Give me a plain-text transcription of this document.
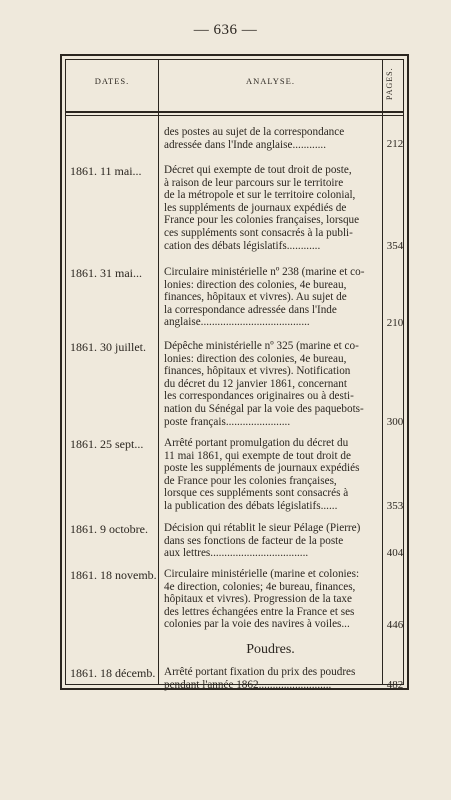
— 636 —
DATES.	ANALYSE.	PAGES.
des postes au sujet de la correspondance
adressée dans l'Inde anglaise............	212
1861. 11 mai...	Décret qui exempte de tout droit de poste,
à raison de leur parcours sur le territoire
de la métropole et sur le territoire colonial,
les suppléments de journaux expédiés de
France pour les colonies françaises, lorsque
ces suppléments sont consacrés à la publi-
cation des débats législatifs............	354
1861. 31 mai...	Circulaire ministérielle nº 238 (marine et co-
lonies: direction des colonies, 4e bureau,
finances, hôpitaux et vivres). Au sujet de
la correspondance adressée dans l'Inde
anglaise.......................................	210
1861. 30 juillet.	Dépêche ministérielle nº 325 (marine et co-
lonies: direction des colonies, 4e bureau,
finances, hôpitaux et vivres). Notification
du décret du 12 janvier 1861, concernant
les correspondances originaires ou à desti-
nation du Sénégal par la voie des paquebots-
poste français.......................	300
1861. 25 sept...	Arrêté portant promulgation du décret du
11 mai 1861, qui exempte de tout droit de
poste les suppléments de journaux expédiés
de France pour les colonies françaises,
lorsque ces suppléments sont consacrés à
la publication des débats législatifs......	353
1861. 9 octobre.	Décision qui rétablit le sieur Pélage (Pierre)
dans ses fonctions de facteur de la poste
aux lettres...................................	404
1861. 18 novemb. Circulaire ministérielle (marine et colonies:
4e direction, colonies; 4e bureau, finances,
hôpitaux et vivres). Progression de la taxe
des lettres échangées entre la France et ses
colonies par la voie des navires à voiles...	446
Poudres.
1861. 18 décemb. Arrêté portant fixation du prix des poudres
pendant l'année 1862..........................	482
